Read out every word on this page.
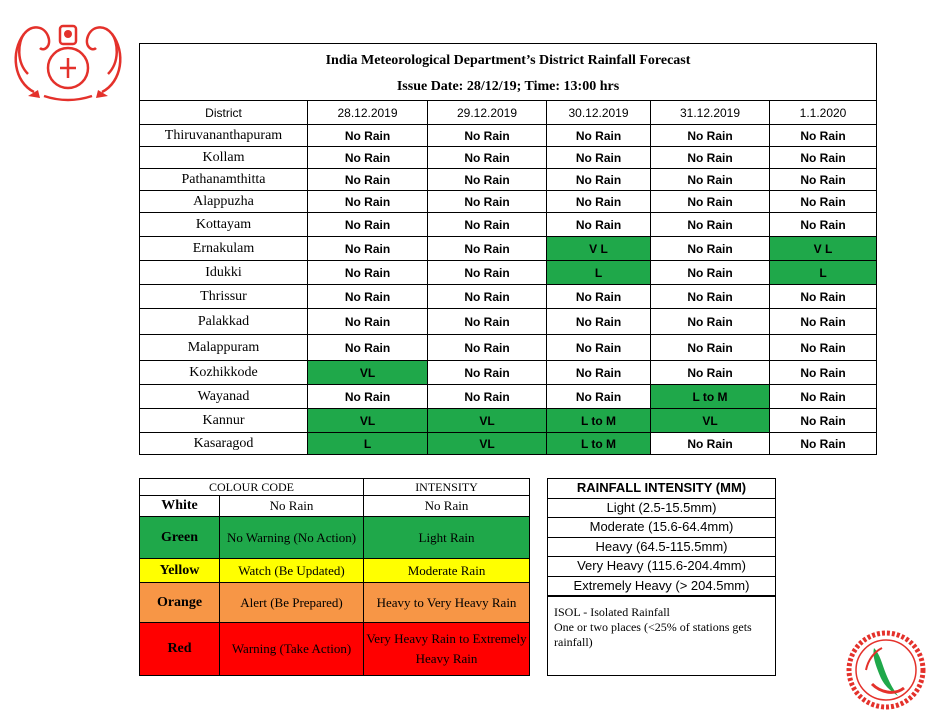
India Meteorological Department’s District Rainfall Forecast
Issue Date: 28/12/19; Time: 13:00 hrs					

District	28.12.2019	29.12.2019	30.12.2019	31.12.2019	1.1.2020
Thiruvananthapuram	No Rain	No Rain	No Rain	No Rain	No Rain
Kollam	No Rain	No Rain	No Rain	No Rain	No Rain
Pathanamthitta	No Rain	No Rain	No Rain	No Rain	No Rain
Alappuzha	No Rain	No Rain	No Rain	No Rain	No Rain
Kottayam	No Rain	No Rain	No Rain	No Rain	No Rain
Ernakulam	No Rain	No Rain	V L	No Rain	V L
Idukki	No Rain	No Rain	L	No Rain	L
Thrissur	No Rain	No Rain	No Rain	No Rain	No Rain
Palakkad	No Rain	No Rain	No Rain	No Rain	No Rain
Malappuram	No Rain	No Rain	No Rain	No Rain	No Rain
Kozhikkode	VL	No Rain	No Rain	No Rain	No Rain
Wayanad	No Rain	No Rain	No Rain	L to M	No Rain
Kannur	VL	VL	L to M	VL	No Rain
Kasaragod	L	VL	L to M	No Rain	No Rain
COLOUR CODE		INTENSITY
White	No Rain	No Rain
Green	No Warning (No Action)	Light Rain
Yellow	Watch (Be Updated)	Moderate Rain
Orange	Alert (Be Prepared)	Heavy to Very Heavy Rain
Red	Warning (Take Action)	Very Heavy Rain to Extremely Heavy Rain
RAINFALL INTENSITY (MM)
Light (2.5-15.5mm)
Moderate (15.6-64.4mm)
Heavy (64.5-115.5mm)
Very Heavy (115.6-204.4mm)
Extremely Heavy (> 204.5mm)
ISOL - Isolated Rainfall
One or two places (<25% of stations gets rainfall)
